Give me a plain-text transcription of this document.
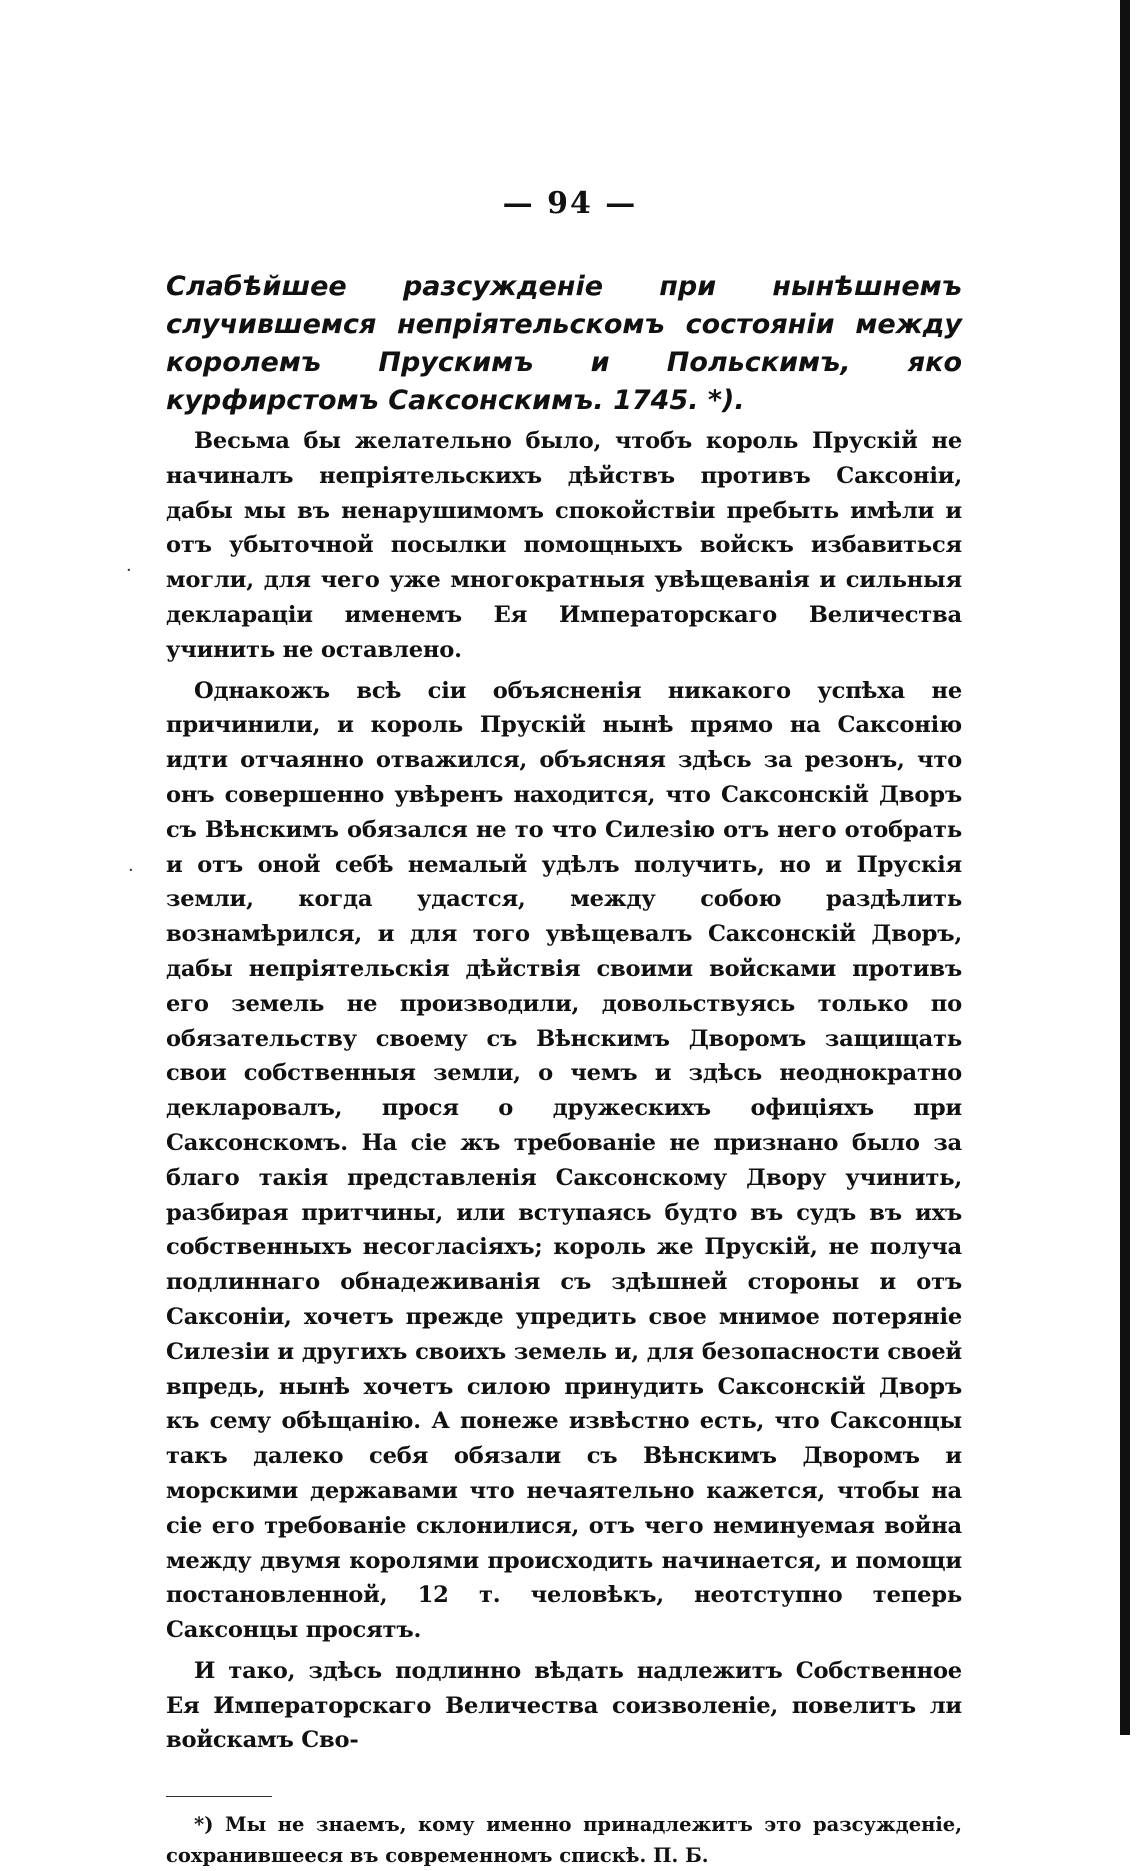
— 94 —

Слабѣйшее разсужденіе при нынѣшнемъ случившемся непріятельскомъ состояніи между королемъ Прускимъ и Польскимъ, яко курфирстомъ Саксонскимъ. 1745. *).

Весьма бы желательно было, чтобъ король Прускій не начиналъ непріятельскихъ дѣйствъ противъ Саксоніи, дабы мы въ ненарушимомъ спокойствіи пребыть имѣли и отъ убыточной посылки помощныхъ войскъ избавиться могли, для чего уже многократныя увѣщеванія и сильныя деклараціи именемъ Ея Императорскаго Величества учинить не оставлено.

Однакожъ всѣ сіи объясненія никакого успѣха не причинили, и король Прускій нынѣ прямо на Саксонію идти отчаянно отважился, объясняя здѣсь за резонъ, что онъ совершенно увѣренъ находится, что Саксонскій Дворъ съ Вѣнскимъ обязался не то что Силезію отъ него отобрать и отъ оной себѣ немалый удѣлъ получить, но и Прускія земли, когда удастся, между собою раздѣлить вознамѣрился, и для того увѣщевалъ Саксонскій Дворъ, дабы непріятельскія дѣйствія своими войсками противъ его земель не производили, довольствуясь только по обязательству своему съ Вѣнскимъ Дворомъ защищать свои собственныя земли, о чемъ и здѣсь неоднократно декларовалъ, прося о дружескихъ офиціяхъ при Саксонскомъ. На сіе жъ требованіе не признано было за благо такія представленія Саксонскому Двору учинить, разбирая притчины, или вступаясь будто въ судъ въ ихъ собственныхъ несогласіяхъ; король же Прускій, не получа подлиннаго обнадеживанія съ здѣшней стороны и отъ Саксоніи, хочетъ прежде упредить свое мнимое потеряніе Силезіи и другихъ своихъ земель и, для безопасности своей впредь, нынѣ хочетъ силою принудить Саксонскій Дворъ къ сему обѣщанію. А понеже извѣстно есть, что Саксонцы такъ далеко себя обязали съ Вѣнскимъ Дворомъ и морскими державами что нечаятельно кажется, чтобы на сіе его требованіе склонилися, отъ чего неминуемая война между двумя королями происходить начинается, и помощи постановленной, 12 т. человѣкъ, неотступно теперь Саксонцы просятъ.

И тако, здѣсь подлинно вѣдать надлежитъ Собственное Ея Императорскаго Величества соизволеніе, повелитъ ли войскамъ Сво-

*) Мы не знаемъ, кому именно принадлежитъ это разсужденіе, сохранившееся въ современномъ спискѣ. П. Б.

·
·
